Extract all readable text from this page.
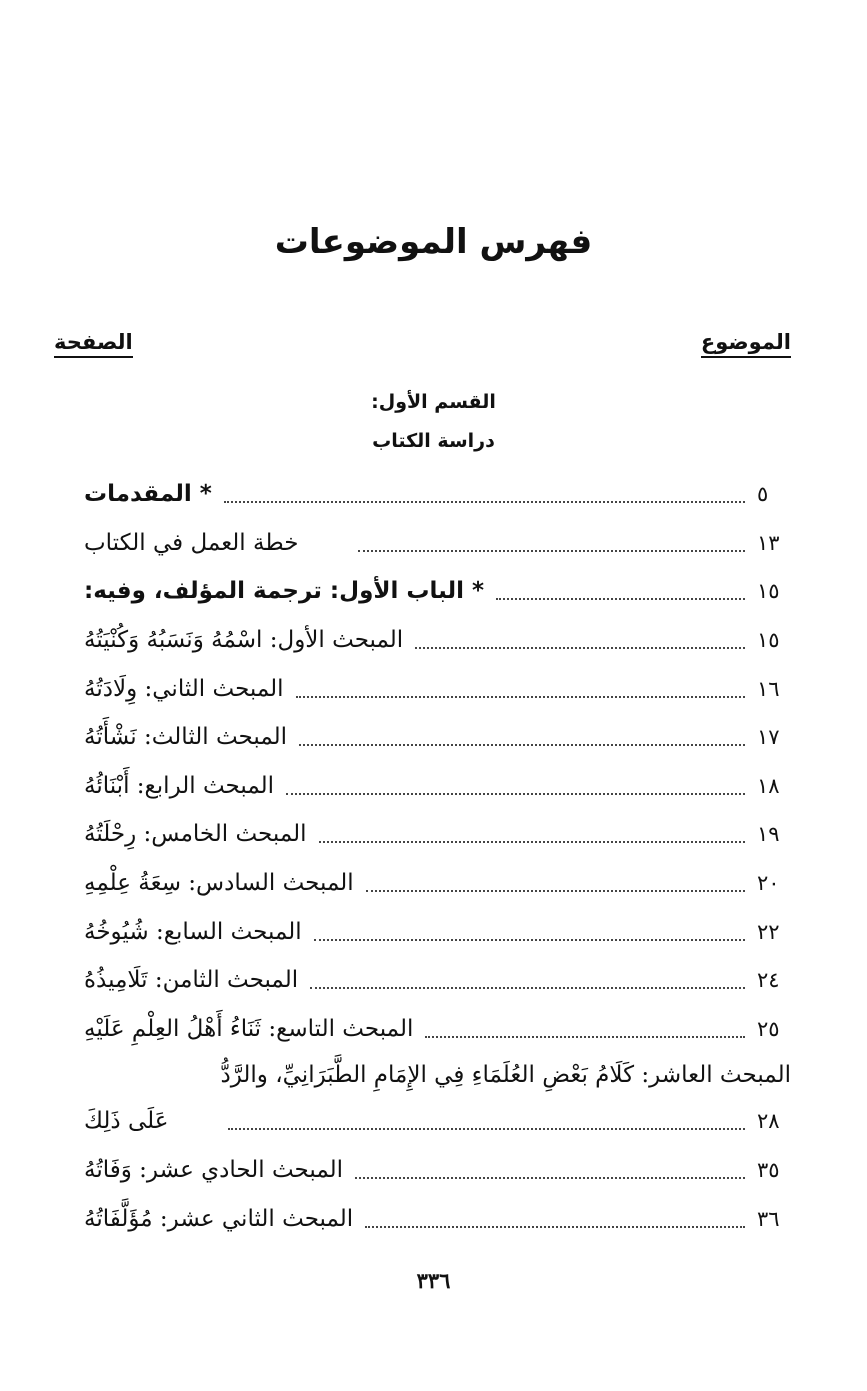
فهرس الموضوعات
الموضوع
الصفحة
القسم الأول:
دراسة الكتاب
* المقدمات	٥
خطة العمل في الكتاب	١٣
* الباب الأول: ترجمة المؤلف، وفيه:	١٥
المبحث الأول: اسْمُهُ وَنَسَبُهُ وَكُنْيَتُهُ	١٥
المبحث الثاني: وِلَادَتُهُ	١٦
المبحث الثالث: نَشْأَتُهُ	١٧
المبحث الرابع: أَبْنَائُهُ	١٨
المبحث الخامس: رِحْلَتُهُ	١٩
المبحث السادس: سِعَةُ عِلْمِهِ	٢٠
المبحث السابع: شُيُوخُهُ	٢٢
المبحث الثامن: تَلَامِيذُهُ	٢٤
المبحث التاسع: ثَنَاءُ أَهْلُ العِلْمِ عَلَيْهِ	٢٥
المبحث العاشر: كَلَامُ بَعْضِ العُلَمَاءِ فِي الإِمَامِ الطَّبَرَانِيِّ، والرَّدُّ
عَلَى ذَلِكَ	٢٨
المبحث الحادي عشر: وَفَاتُهُ	٣٥
المبحث الثاني عشر: مُؤَلَّفَاتُهُ	٣٦
٣٣٦
